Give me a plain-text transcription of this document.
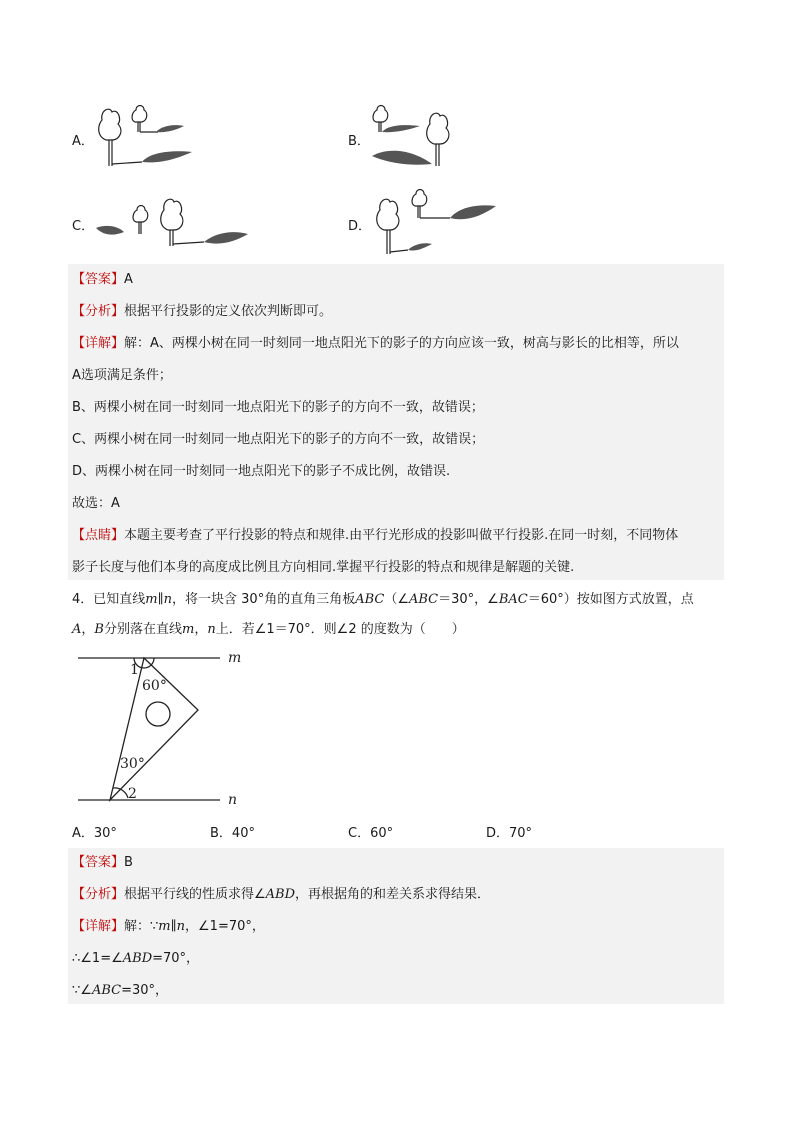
A．	B．
C．	D．
【答案】A
【分析】根据平行投影的定义依次判断即可。
【详解】解：A、两棵小树在同一时刻同一地点阳光下的影子的方向应该一致，树高与影长的比相等，所以
A选项满足条件；
B、两棵小树在同一时刻同一地点阳光下的影子的方向不一致，故错误；
C、两棵小树在同一时刻同一地点阳光下的影子的方向不一致，故错误；
D、两棵小树在同一时刻同一地点阳光下的影子不成比例，故错误.
故选：A
【点睛】本题主要考查了平行投影的特点和规律.由平行光形成的投影叫做平行投影.在同一时刻，不同物体
影子长度与他们本身的高度成比例且方向相同.掌握平行投影的特点和规律是解题的关键.
4．已知直线m∥n，将一块含 30°角的直角三角板ABC（∠ABC＝30°，∠BAC＝60°）按如图方式放置，点
A，B分别落在直线m，n上．若∠1＝70°．则∠2 的度数为（　　）
m
n
1
60°
30°
2
A．30°	B．40°	C．60°	D．70°
【答案】B
【分析】根据平行线的性质求得∠ABD，再根据角的和差关系求得结果．
【详解】解：∵m∥n，∠1=70°，
∴∠1=∠ABD=70°，
∵∠ABC=30°，
